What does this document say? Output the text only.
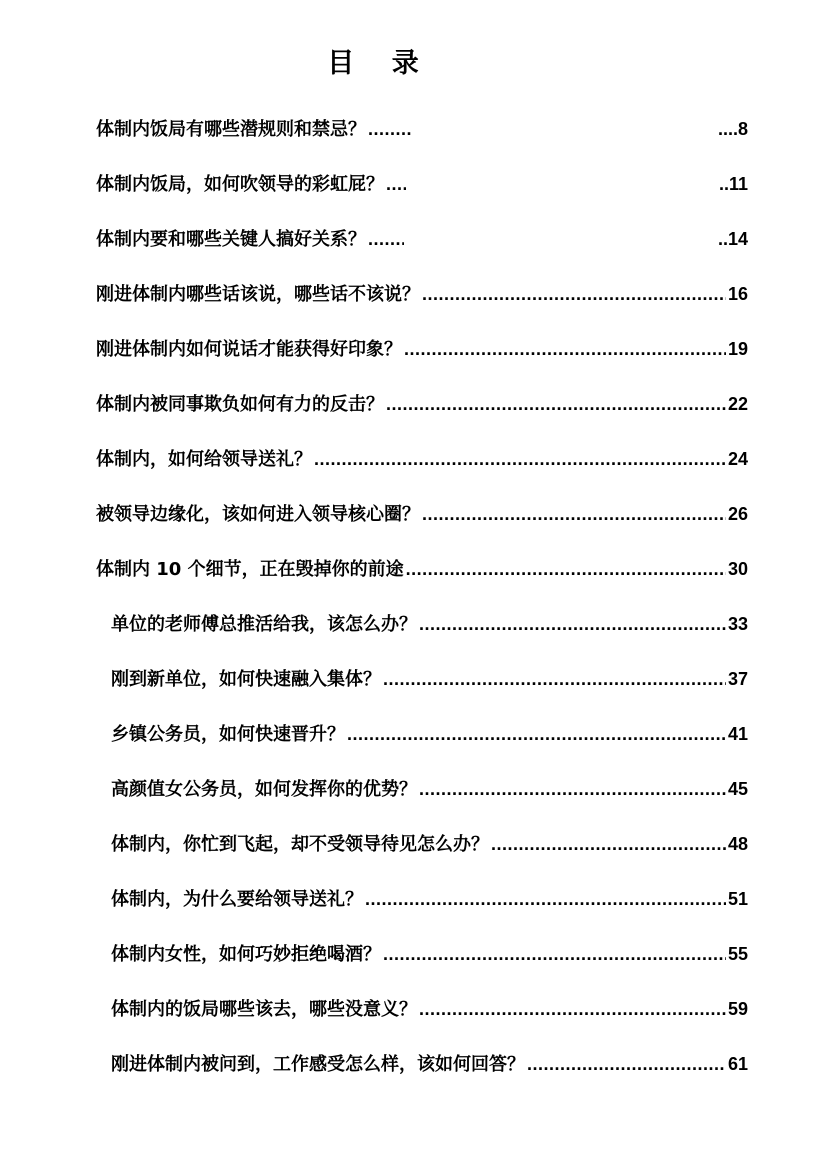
目 录
体制内饭局有哪些潜规则和禁忌？ .....	.... 8
体制内饭局，如何吹领导的彩虹屁？ .....	.. 11
体制内要和哪些关键人搞好关系？ .....	.. 14
刚进体制内哪些话该说，哪些话不该说？ .....	16
刚进体制内如何说话才能获得好印象？ .....	19
体制内被同事欺负如何有力的反击？ .....	22
体制内，如何给领导送礼？ .....	24
被领导边缘化，该如何进入领导核心圈？ .....	26
体制内 10 个细节，正在毁掉你的前途 .....	30
单位的老师傅总推活给我，该怎么办？ .....	33
刚到新单位，如何快速融入集体？ .....	37
乡镇公务员，如何快速晋升？ .....	41
高颜值女公务员，如何发挥你的优势？ .....	45
体制内，你忙到飞起，却不受领导待见怎么办？ .....	48
体制内，为什么要给领导送礼？ .....	51
体制内女性，如何巧妙拒绝喝酒？ .....	55
体制内的饭局哪些该去，哪些没意义？ .....	59
刚进体制内被问到，工作感受怎么样，该如何回答？ .....	61
